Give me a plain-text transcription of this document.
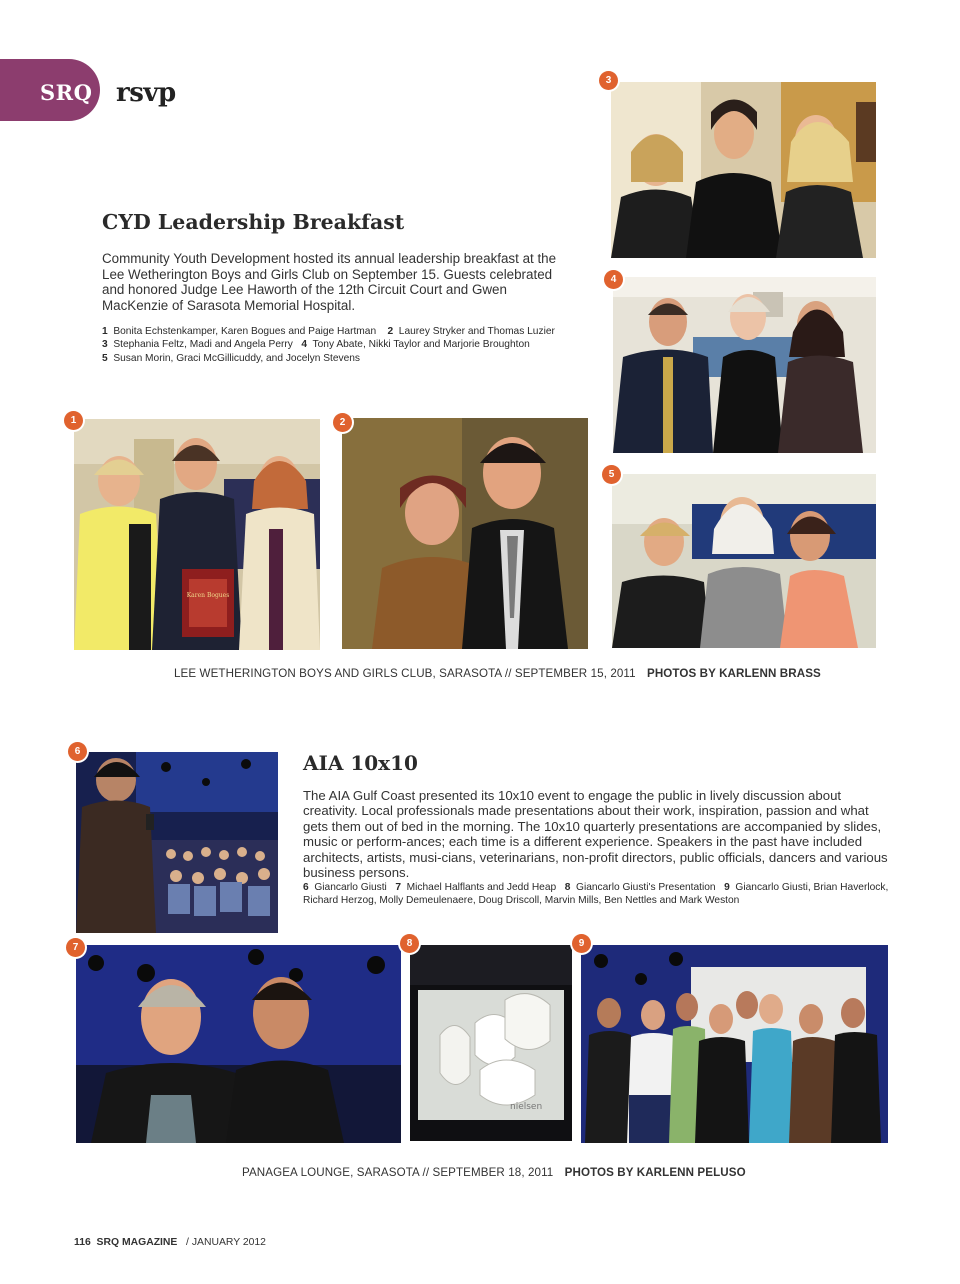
SRQ rsvp
CYD Leadership Breakfast
Community Youth Development hosted its annual leadership breakfast at the Lee Wetherington Boys and Girls Club on September 15. Guests celebrated and honored Judge Lee Haworth of the 12th Circuit Court and Gwen MacKenzie of Sarasota Memorial Hospital.
1 Bonita Echstenkamper, Karen Bogues and Paige Hartman 2 Laurey Stryker and Thomas Luzier
3 Stephania Feltz, Madi and Angela Perry 4 Tony Abate, Nikki Taylor and Marjorie Broughton
5 Susan Morin, Graci McGillicuddy, and Jocelyn Stevens
3
4
5
Karen Bogues
1	2
LEE WETHERINGTON BOYS AND GIRLS CLUB, SARASOTA // SEPTEMBER 15, 2011 PHOTOS BY KARLENN BRASS
6	AIA 10x10
The AIA Gulf Coast presented its 10x10 event to engage the public in lively discussion about creativity. Local professionals made presentations about their work, inspiration, passion and what gets them out of bed in the morning. The 10x10 quarterly presentations are accompanied by slides, music or perform-ances; each time is a different experience. Speakers in the past have included architects, artists, musi-cians, veterinarians, non-profit directors, public officials, dancers and various business persons.
6 Giancarlo Giusti 7 Michael Halflants and Jedd Heap 8 Giancarlo Giusti's Presentation 9 Giancarlo Giusti, Brian Haverlock,
Richard Herzog, Molly Demeulenaere, Doug Driscoll, Marvin Mills, Ben Nettles and Mark Weston
7
nielsen
8	9
PANAGEA LOUNGE, SARASOTA // SEPTEMBER 18, 2011 PHOTOS BY KARLENN PELUSO
116 SRQ MAGAZINE / JANUARY 2012
